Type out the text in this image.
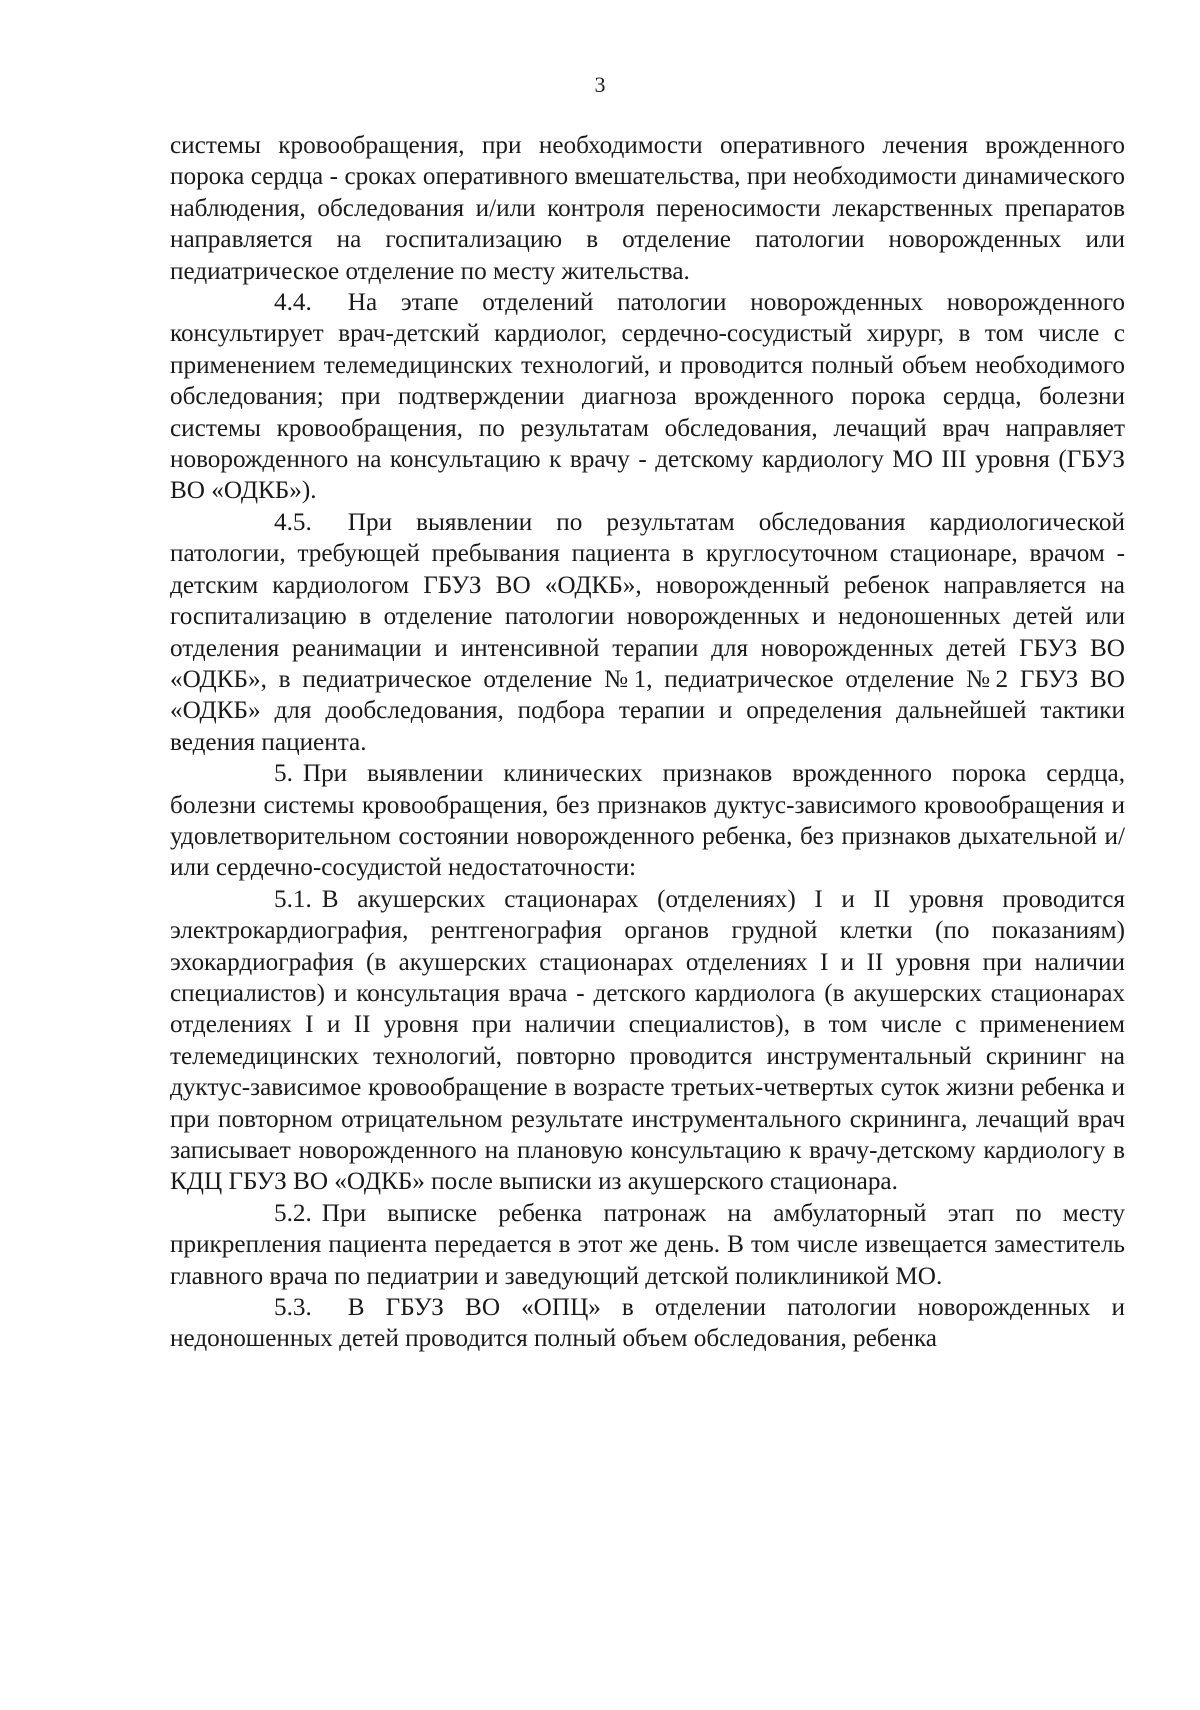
3

системы кровообращения, при необходимости оперативного лечения врожденного порока сердца - сроках оперативного вмешательства, при необходимости динамического наблюдения, обследования и/или контроля переносимости лекарственных препаратов направляется на госпитализацию в отделение патологии новорожденных или педиатрическое отделение по месту жительства.

4.4. На этапе отделений патологии новорожденных новорожденного консультирует врач-детский кардиолог, сердечно-сосудистый хирург, в том числе с применением телемедицинских технологий, и проводится полный объем необходимого обследования; при подтверждении диагноза врожденного порока сердца, болезни системы кровообращения, по результатам обследования, лечащий врач направляет новорожденного на консультацию к врачу - детскому кардиологу МО III уровня (ГБУЗ ВО «ОДКБ»).

4.5. При выявлении по результатам обследования кардиологической патологии, требующей пребывания пациента в круглосуточном стационаре, врачом - детским кардиологом ГБУЗ ВО «ОДКБ», новорожденный ребенок направляется на госпитализацию в отделение патологии новорожденных и недоношенных детей или отделения реанимации и интенсивной терапии для новорожденных детей ГБУЗ ВО «ОДКБ», в педиатрическое отделение №1, педиатрическое отделение №2 ГБУЗ ВО «ОДКБ» для дообследования, подбора терапии и определения дальнейшей тактики ведения пациента.

5. При выявлении клинических признаков врожденного порока сердца, болезни системы кровообращения, без признаков дуктус-зависимого кровообращения и удовлетворительном состоянии новорожденного ребенка, без признаков дыхательной и/или сердечно-сосудистой недостаточности:

5.1. В акушерских стационарах (отделениях) I и II уровня проводится электрокардиография, рентгенография органов грудной клетки (по показаниям) эхокардиография (в акушерских стационарах отделениях I и II уровня при наличии специалистов) и консультация врача - детского кардиолога (в акушерских стационарах отделениях I и II уровня при наличии специалистов), в том числе с применением телемедицинских технологий, повторно проводится инструментальный скрининг на дуктус-зависимое кровообращение в возрасте третьих-четвертых суток жизни ребенка и при повторном отрицательном результате инструментального скрининга, лечащий врач записывает новорожденного на плановую консультацию к врачу-детскому кардиологу в КДЦ ГБУЗ ВО «ОДКБ» после выписки из акушерского стационара.

5.2. При выписке ребенка патронаж на амбулаторный этап по месту прикрепления пациента передается в этот же день. В том числе извещается заместитель главного врача по педиатрии и заведующий детской поликлиникой МО.

5.3. В ГБУЗ ВО «ОПЦ» в отделении патологии новорожденных и недоношенных детей проводится полный объем обследования, ребенка
